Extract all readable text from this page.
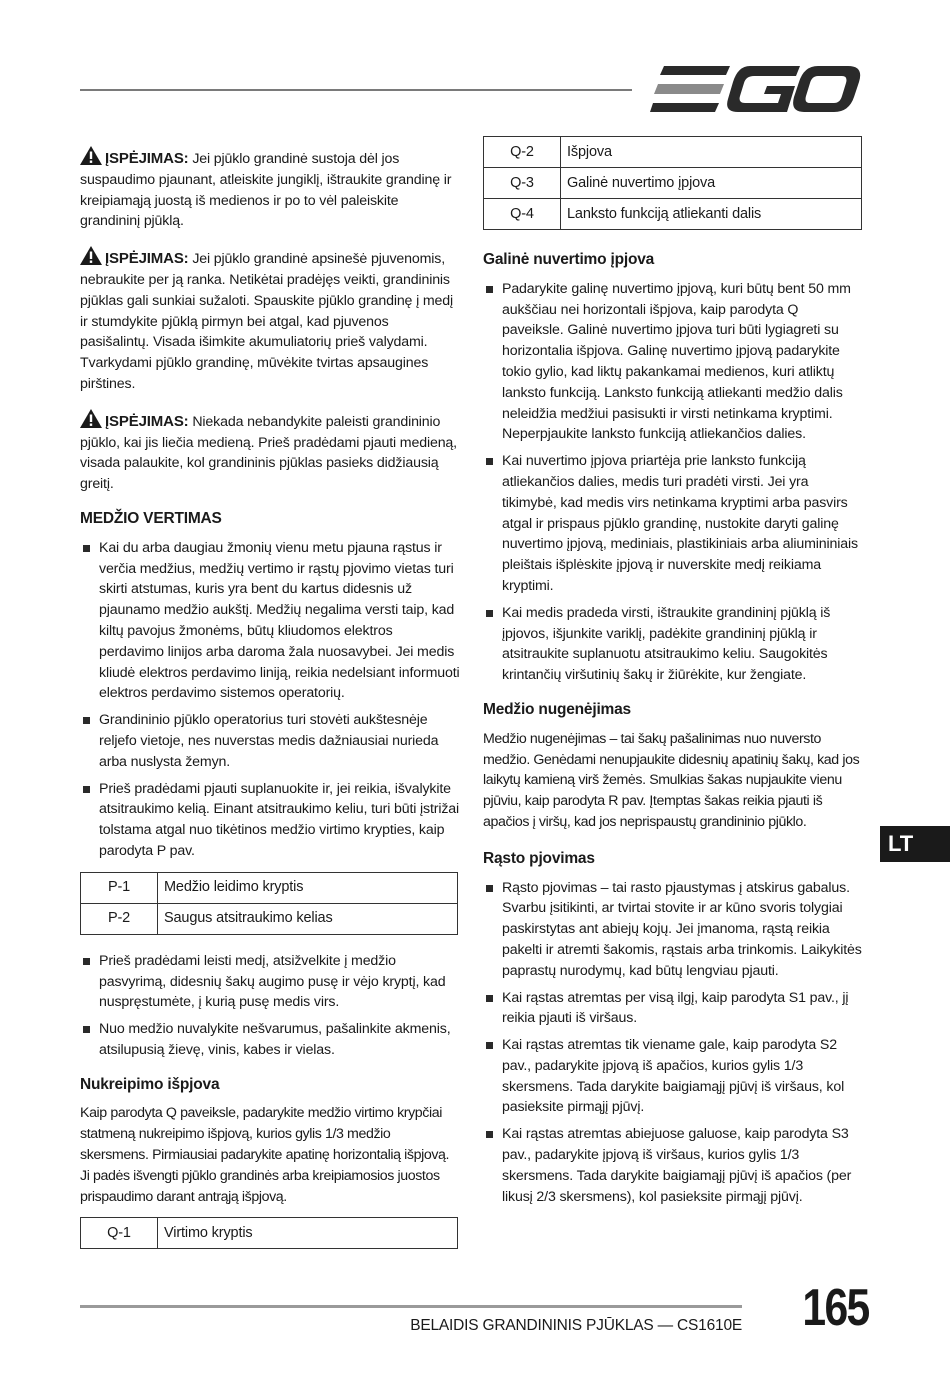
ĮSPĖJIMAS: Jei pjūklo grandinė sustoja dėl jos suspaudimo pjaunant, atleiskite jungiklį, ištraukite grandinę ir kreipiamąją juostą iš medienos ir po to vėl paleiskite grandininį pjūklą.

ĮSPĖJIMAS: Jei pjūklo grandinė apsinešė pjuvenomis, nebraukite per ją ranka. Netikėtai pradėjęs veikti, grandininis pjūklas gali sunkiai sužaloti. Spauskite pjūklo grandinę į medį ir stumdykite pjūklą pirmyn bei atgal, kad pjuvenos pasišalintų. Visada išimkite akumuliatorių prieš valydami. Tvarkydami pjūklo grandinę, mūvėkite tvirtas apsaugines pirštines.

ĮSPĖJIMAS: Niekada nebandykite paleisti grandininio pjūklo, kai jis liečia medieną. Prieš pradėdami pjauti medieną, visada palaukite, kol grandininis pjūklas pasieks didžiausią greitį.

MEDŽIO VERTIMAS
Kai du arba daugiau žmonių vienu metu pjauna rąstus ir verčia medžius, medžių vertimo ir rąstų pjovimo vietas turi skirti atstumas, kuris yra bent du kartus didesnis už pjaunamo medžio aukštį. Medžių negalima versti taip, kad kiltų pavojus žmonėms, būtų kliudomos elektros perdavimo linijos arba daroma žala nuosavybei. Jei medis kliudė elektros perdavimo liniją, reikia nedelsiant informuoti elektros perdavimo sistemos operatorių.
Grandininio pjūklo operatorius turi stovėti aukštesnėje reljefo vietoje, nes nuverstas medis dažniausiai nurieda arba nuslysta žemyn.
Prieš pradėdami pjauti suplanuokite ir, jei reikia, išvalykite atsitraukimo kelią. Einant atsitraukimo keliu, turi būti įstrižai tolstama atgal nuo tikėtinos medžio virtimo krypties, kaip parodyta P pav.
P-1	Medžio leidimo kryptis
P-2	Saugus atsitraukimo kelias
Prieš pradėdami leisti medį, atsižvelkite į medžio pasvyrimą, didesnių šakų augimo pusę ir vėjo kryptį, kad nuspręstumėte, į kurią pusę medis virs.
Nuo medžio nuvalykite nešvarumus, pašalinkite akmenis, atsilupusią žievę, vinis, kabes ir vielas.
Nukreipimo išpjova

Kaip parodyta Q paveiksle, padarykite medžio virtimo krypčiai statmeną nukreipimo išpjovą, kurios gylis 1/3 medžio skersmens. Pirmiausiai padarykite apatinę horizontalią išpjovą. Ji padės išvengti pjūklo grandinės arba kreipiamosios juostos prispaudimo darant antrąją išpjovą.

Q-1	Virtimo kryptis
Q-2	Išpjova
Q-3	Galinė nuvertimo įpjova
Q-4	Lanksto funkciją atliekanti dalis
Galinė nuvertimo įpjova
Padarykite galinę nuvertimo įpjovą, kuri būtų bent 50 mm aukščiau nei horizontali išpjova, kaip parodyta Q paveiksle. Galinė nuvertimo įpjova turi būti lygiagreti su horizontalia išpjova. Galinę nuvertimo įpjovą padarykite tokio gylio, kad liktų pakankamai medienos, kuri atliktų lanksto funkciją. Lanksto funkciją atliekanti medžio dalis neleidžia medžiui pasisukti ir virsti netinkama kryptimi. Neperpjaukite lanksto funkciją atliekančios dalies.
Kai nuvertimo įpjova priartėja prie lanksto funkciją atliekančios dalies, medis turi pradėti virsti. Jei yra tikimybė, kad medis virs netinkama kryptimi arba pasvirs atgal ir prispaus pjūklo grandinę, nustokite daryti galinę nuvertimo įpjovą, mediniais, plastikiniais arba aliumininiais pleištais išplėskite įpjovą ir nuverskite medį reikiama kryptimi.
Kai medis pradeda virsti, ištraukite grandininį pjūklą iš įpjovos, išjunkite variklį, padėkite grandininį pjūklą ir atsitraukite suplanuotu atsitraukimo keliu. Saugokitės krintančių viršutinių šakų ir žiūrėkite, kur žengiate.
Medžio nugenėjimas

Medžio nugenėjimas – tai šakų pašalinimas nuo nuversto medžio. Genėdami nenupjaukite didesnių apatinių šakų, kad jos laikytų kamieną virš žemės. Smulkias šakas nupjaukite vienu pjūviu, kaip parodyta R pav. Įtemptas šakas reikia pjauti iš apačios į viršų, kad jos neprispaustų grandininio pjūklo.

Rąsto pjovimas
Rąsto pjovimas – tai rasto pjaustymas į atskirus gabalus. Svarbu įsitikinti, ar tvirtai stovite ir ar kūno svoris tolygiai paskirstytas ant abiejų kojų. Jei įmanoma, rąstą reikia pakelti ir atremti šakomis, rąstais arba trinkomis. Laikykitės paprastų nurodymų, kad būtų lengviau pjauti.
Kai rąstas atremtas per visą ilgį, kaip parodyta S1 pav., jį reikia pjauti iš viršaus.
Kai rąstas atremtas tik viename gale, kaip parodyta S2 pav., padarykite įpjovą iš apačios, kurios gylis 1/3 skersmens. Tada darykite baigiamąjį pjūvį iš viršaus, kol pasieksite pirmąjį pjūvį.
Kai rąstas atremtas abiejuose galuose, kaip parodyta S3 pav., padarykite įpjovą iš viršaus, kurios gylis 1/3 skersmens. Tada darykite baigiamąjį pjūvį iš apačios (per likusį 2/3 skersmens), kol pasieksite pirmąjį pjūvį.
LT
BELAIDIS GRANDININIS PJŪKLAS — CS1610E 165
